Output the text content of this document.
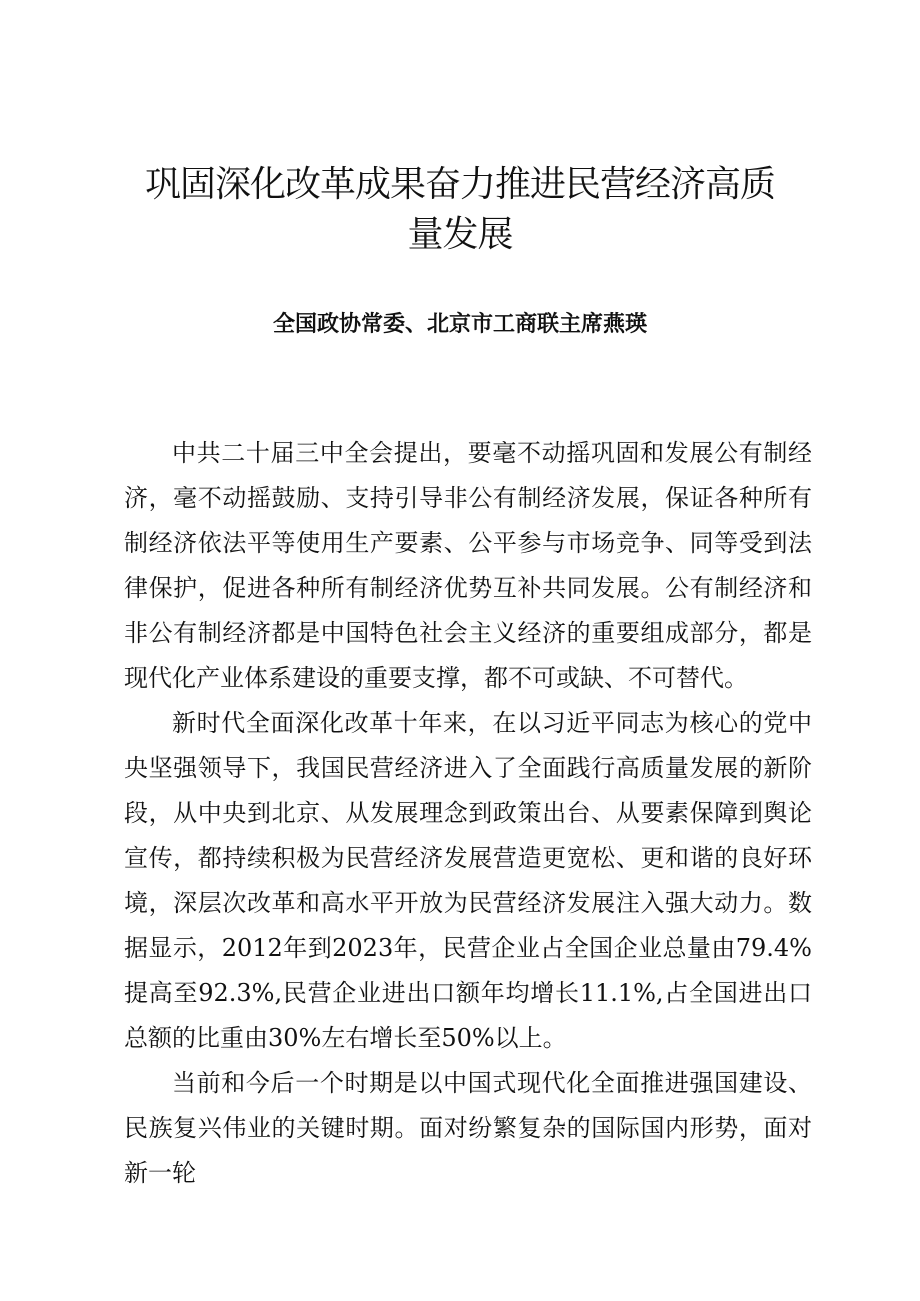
巩固深化改革成果奋力推进民营经济高质量发展

全国政协常委、北京市工商联主席燕瑛

中共二十届三中全会提出，要毫不动摇巩固和发展公有制经济，毫不动摇鼓励、支持引导非公有制经济发展，保证各种所有制经济依法平等使用生产要素、公平参与市场竞争、同等受到法律保护，促进各种所有制经济优势互补共同发展。公有制经济和非公有制经济都是中国特色社会主义经济的重要组成部分，都是现代化产业体系建设的重要支撑，都不可或缺、不可替代。

新时代全面深化改革十年来，在以习近平同志为核心的党中央坚强领导下，我国民营经济进入了全面践行高质量发展的新阶段，从中央到北京、从发展理念到政策出台、从要素保障到舆论宣传，都持续积极为民营经济发展营造更宽松、更和谐的良好环境，深层次改革和高水平开放为民营经济发展注入强大动力。数据显示，2012年到2023年，民营企业占全国企业总量由79.4%提高至92.3%,民营企业进出口额年均增长11.1%,占全国进出口总额的比重由30%左右增长至50%以上。

当前和今后一个时期是以中国式现代化全面推进强国建设、民族复兴伟业的关键时期。面对纷繁复杂的国际国内形势，面对新一轮
